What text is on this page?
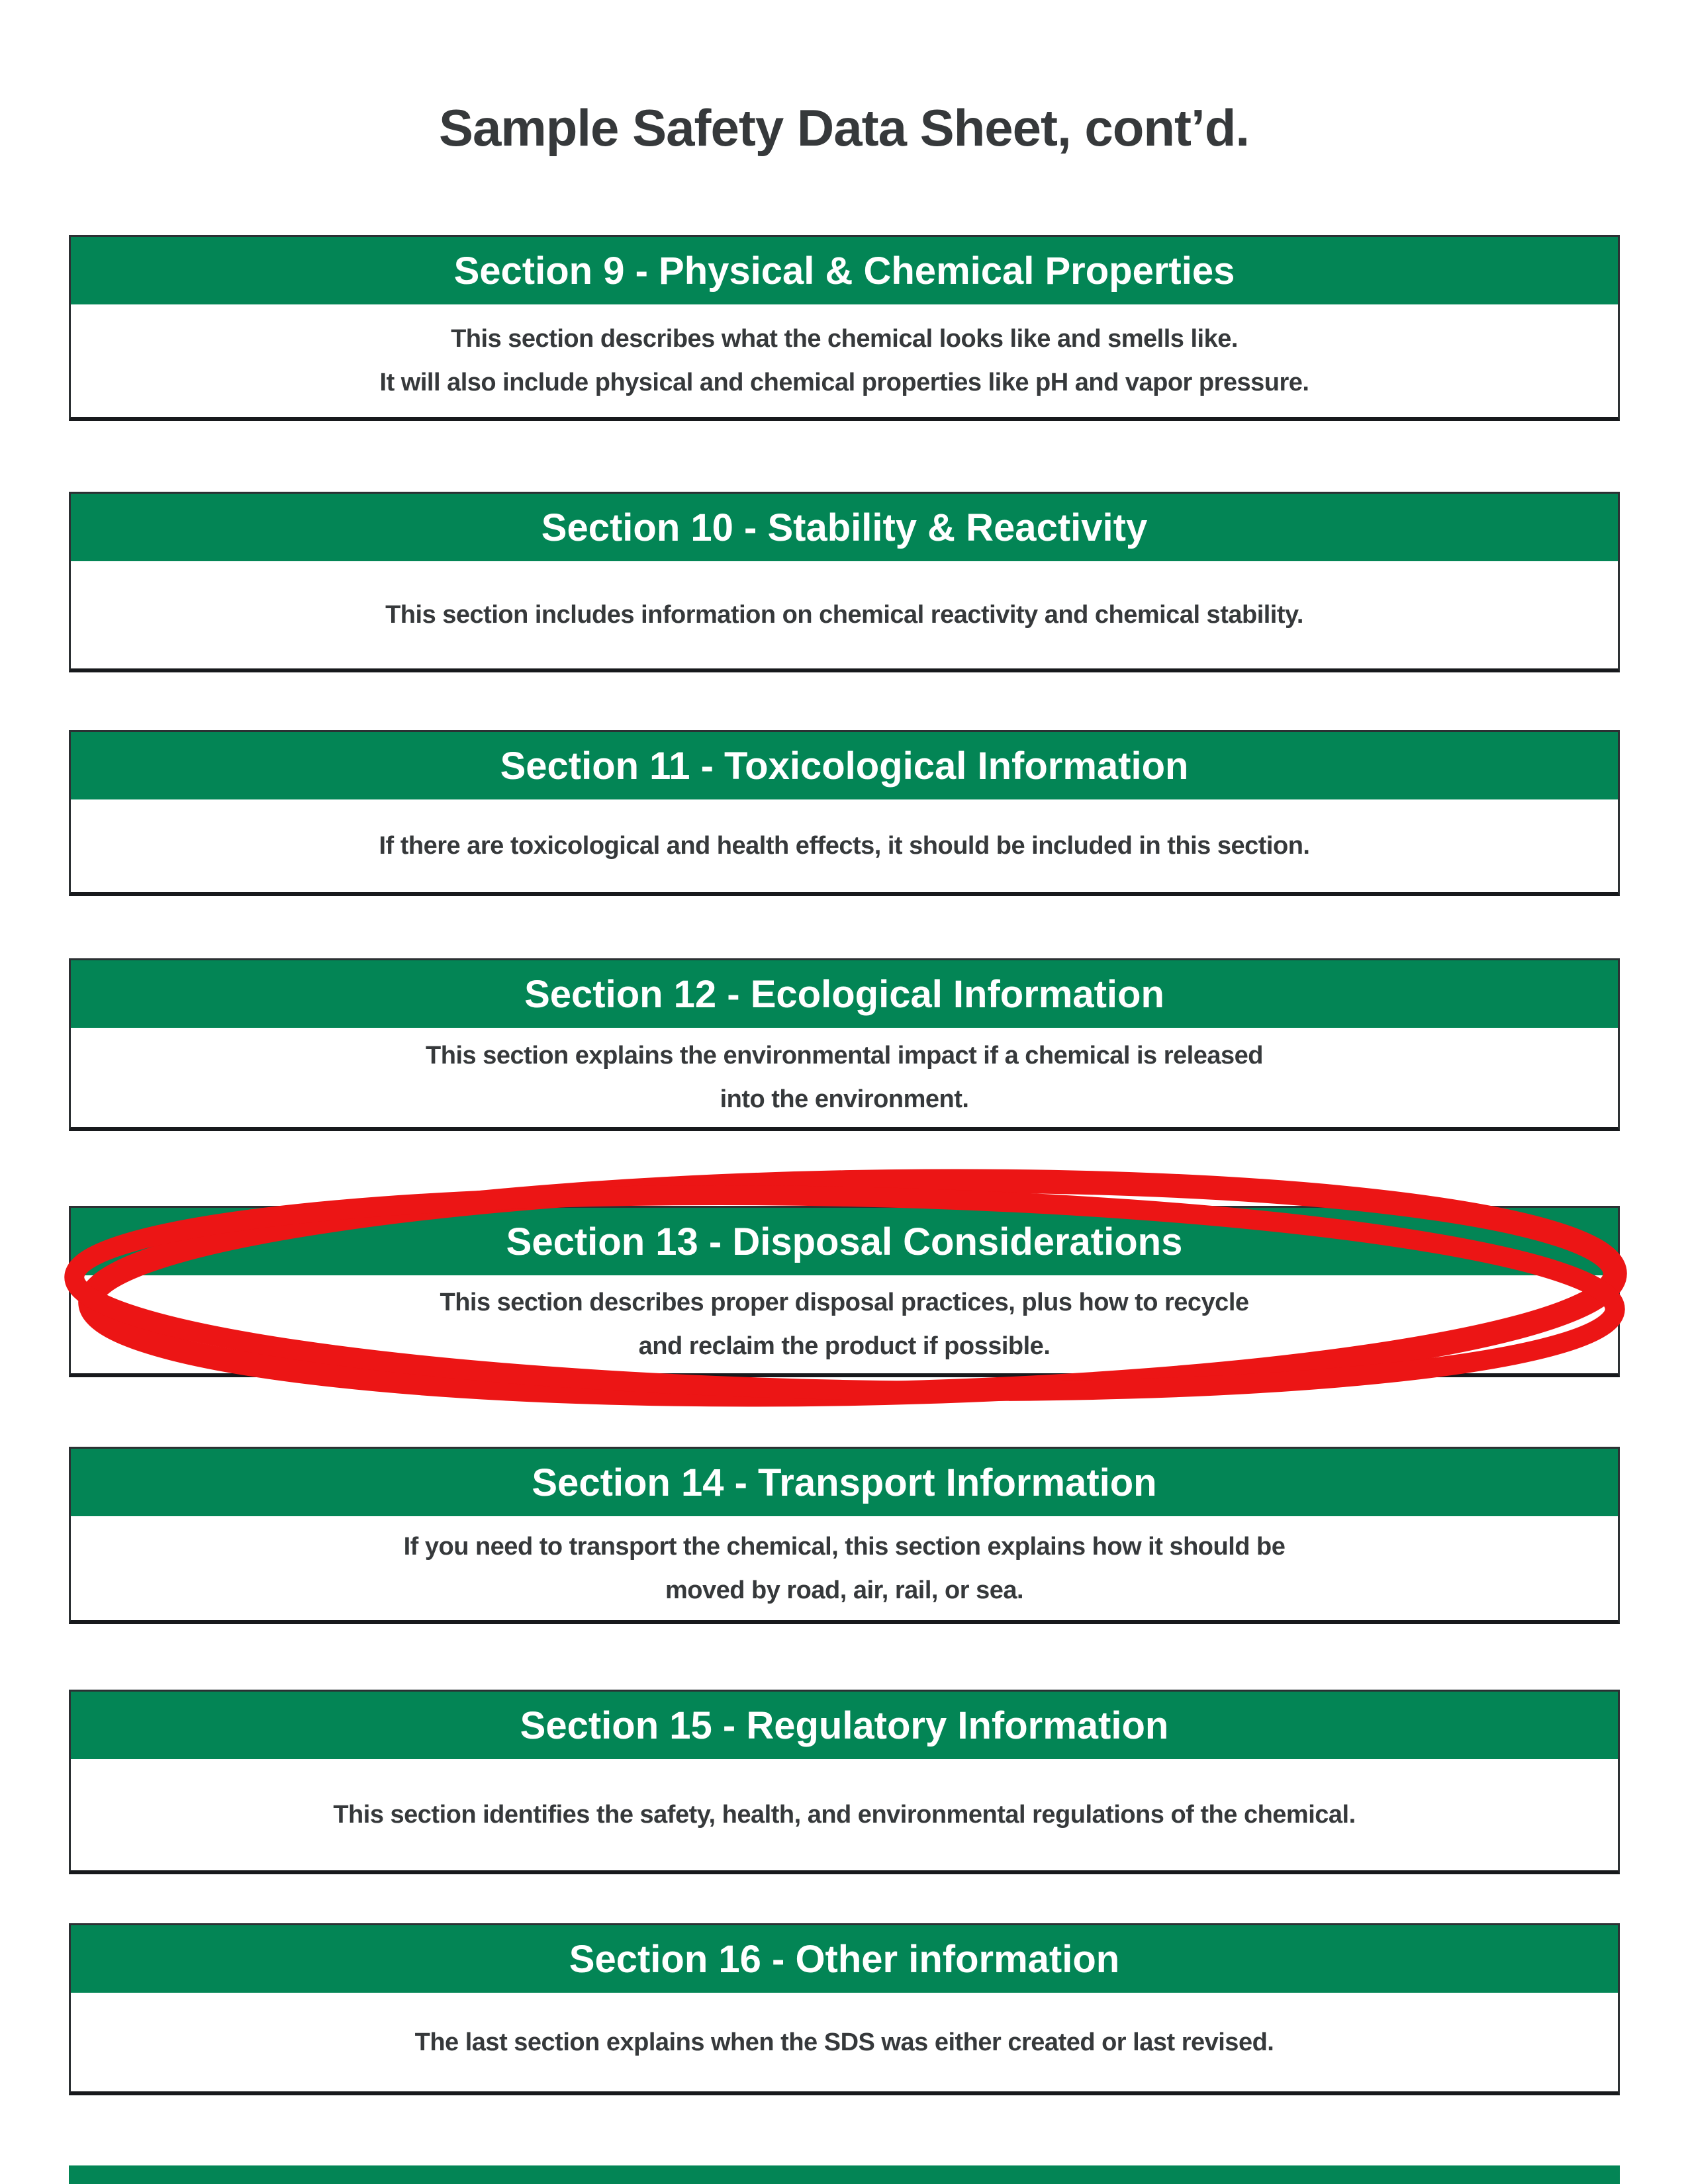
Sample Safety Data Sheet, cont’d.
Section 9 - Physical & Chemical Properties
This section describes what the chemical looks like and smells like.
It will also include physical and chemical properties like pH and vapor pressure.
Section 10 - Stability & Reactivity
This section includes information on chemical reactivity and chemical stability.
Section 11 - Toxicological Information
If there are toxicological and health effects, it should be included in this section.
Section 12 - Ecological Information
This section explains the environmental impact if a chemical is released
into the environment.
Section 13 - Disposal Considerations
This section describes proper disposal practices, plus how to recycle
and reclaim the product if possible.
Section 14 - Transport Information
If you need to transport the chemical, this section explains how it should be
moved by road, air, rail, or sea.
Section 15 - Regulatory Information
This section identifies the safety, health, and environmental regulations of the chemical.
Section 16 - Other information
The last section explains when the SDS was either created or last revised.
